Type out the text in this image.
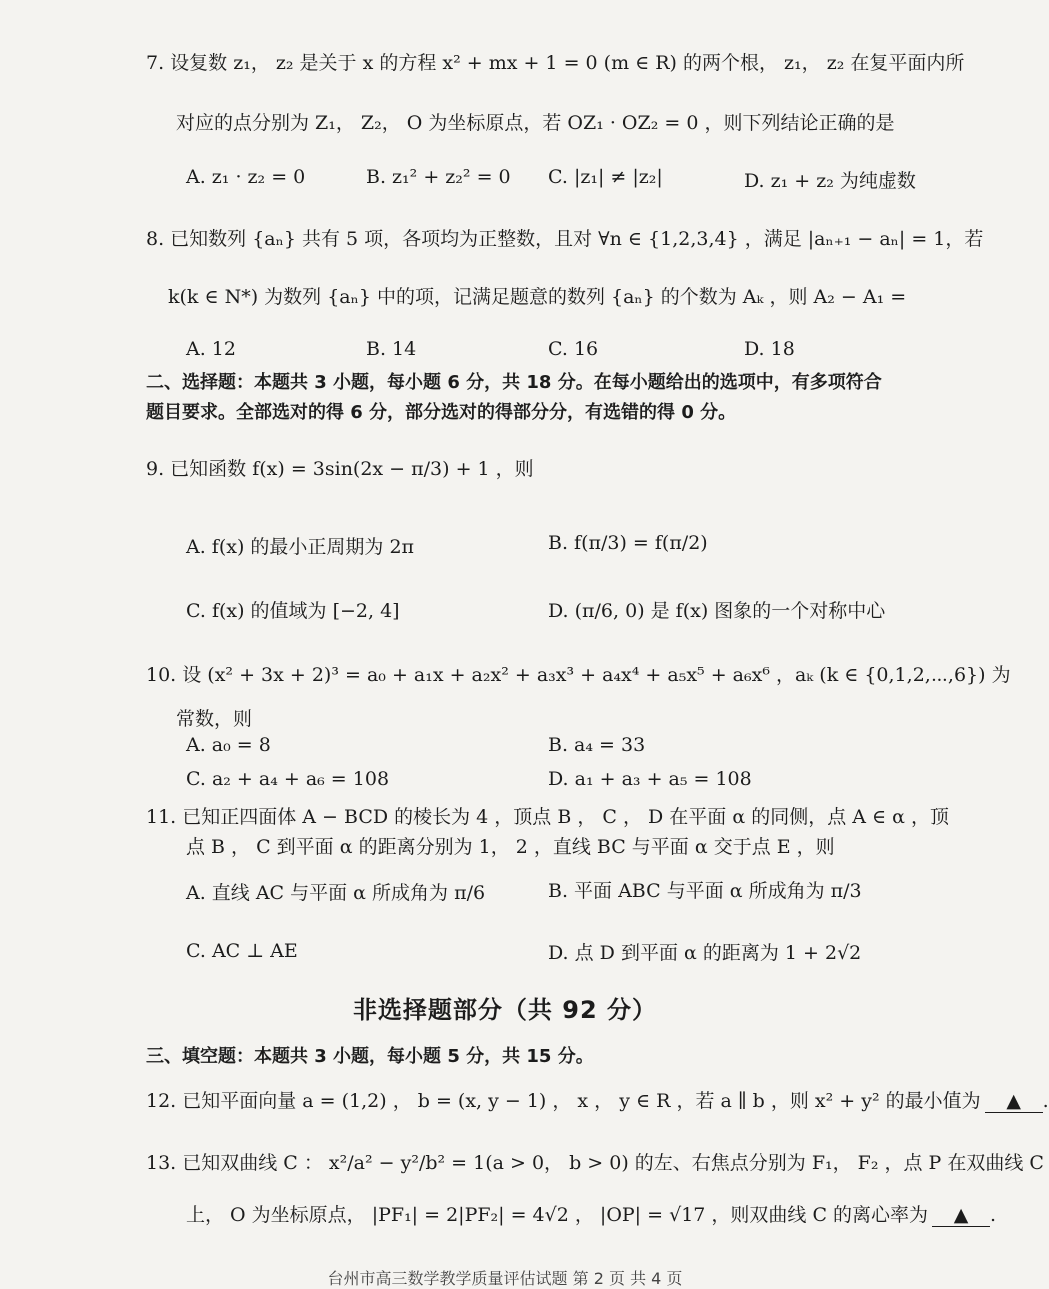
7. 设复数 z₁， z₂ 是关于 x 的方程 x² + mx + 1 = 0 (m ∈ R) 的两个根， z₁， z₂ 在复平面内所
对应的点分别为 Z₁， Z₂， O 为坐标原点，若 OZ₁ · OZ₂ = 0 ，则下列结论正确的是
A. z₁ · z₂ = 0	B. z₁² + z₂² = 0 C. |z₁| ≠ |z₂|	D. z₁ + z₂ 为纯虚数
8. 已知数列 {aₙ} 共有 5 项，各项均为正整数，且对 ∀n ∈ {1,2,3,4} ，满足 |aₙ₊₁ − aₙ| = 1，若
k(k ∈ N*) 为数列 {aₙ} 中的项，记满足题意的数列 {aₙ} 的个数为 Aₖ ，则 A₂ − A₁ =
A. 12	B. 14	C. 16	D. 18
二、选择题：本题共 3 小题，每小题 6 分，共 18 分。在每小题给出的选项中，有多项符合
题目要求。全部选对的得 6 分，部分选对的得部分分，有选错的得 0 分。
9. 已知函数 f(x) = 3sin(2x − π/3) + 1 ，则
A. f(x) 的最小正周期为 2π	B. f(π/3) = f(π/2)
C. f(x) 的值域为 [−2, 4]	D. (π/6, 0) 是 f(x) 图象的一个对称中心
10. 设 (x² + 3x + 2)³ = a₀ + a₁x + a₂x² + a₃x³ + a₄x⁴ + a₅x⁵ + a₆x⁶ ，aₖ (k ∈ {0,1,2,⋯,6}) 为
常数，则
A. a₀ = 8	B. a₄ = 33
C. a₂ + a₄ + a₆ = 108	D. a₁ + a₃ + a₅ = 108
11. 已知正四面体 A − BCD 的棱长为 4 ，顶点 B ， C ， D 在平面 α 的同侧，点 A ∈ α ，顶
点 B ， C 到平面 α 的距离分别为 1， 2 ，直线 BC 与平面 α 交于点 E ，则
A. 直线 AC 与平面 α 所成角为 π/6	B. 平面 ABC 与平面 α 所成角为 π/3
C. AC ⊥ AE	D. 点 D 到平面 α 的距离为 1 + 2√2
非选择题部分（共 92 分）
三、填空题：本题共 3 小题，每小题 5 分，共 15 分。
12. 已知平面向量 a = (1,2) ， b = (x, y − 1) ， x ， y ∈ R ，若 a ∥ b ，则 x² + y² 的最小值为 ▲ .
13. 已知双曲线 C ： x²/a² − y²/b² = 1(a > 0， b > 0) 的左、右焦点分别为 F₁， F₂ ，点 P 在双曲线 C
上， O 为坐标原点， |PF₁| = 2|PF₂| = 4√2 ， |OP| = √17 ，则双曲线 C 的离心率为 ▲ .
台州市高三数学教学质量评估试题 第 2 页 共 4 页
